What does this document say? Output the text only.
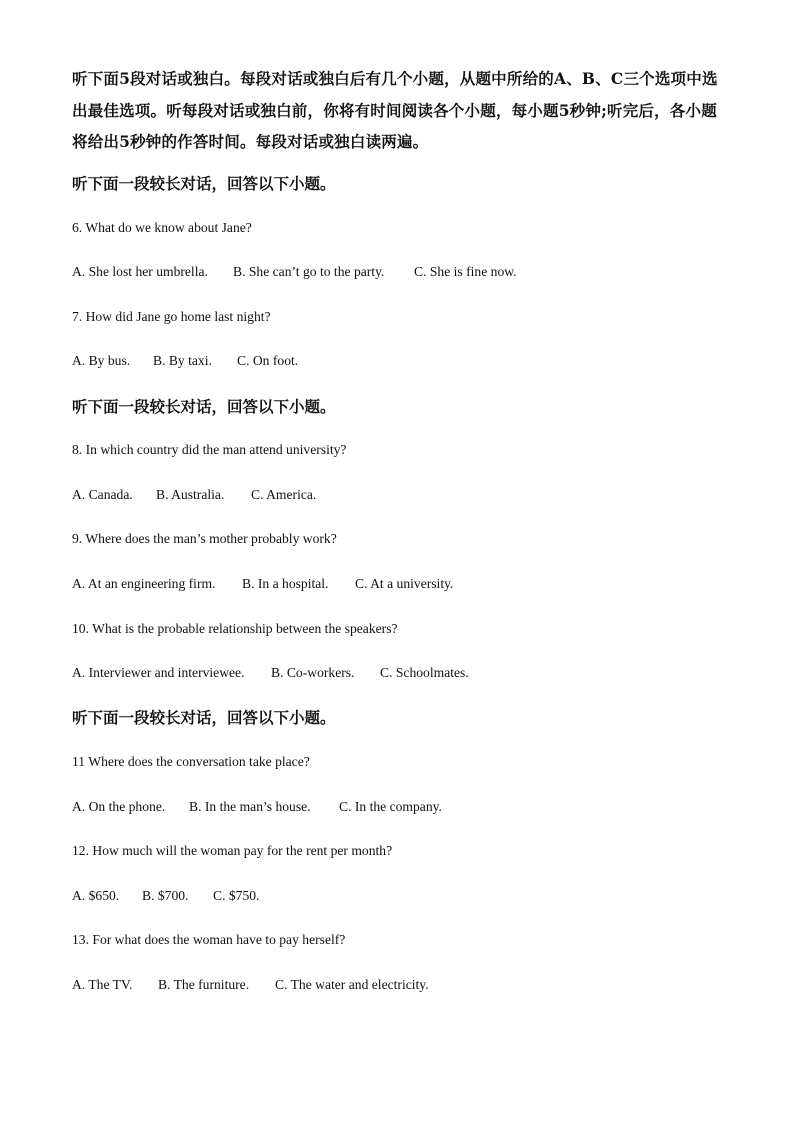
听下面5段对话或独白。每段对话或独白后有几个小题，从题中所给的A、B、C三个选项中选出最佳选项。听每段对话或独白前，你将有时间阅读各个小题，每小题5秒钟;听完后，各小题将给出5秒钟的作答时间。每段对话或独白读两遍。

听下面一段较长对话，回答以下小题。

6. What do we know about Jane?

A. She lost her umbrella. B. She can’t go to the party. C. She is fine now.

7. How did Jane go home last night?

A. By bus. B. By taxi. C. On foot.

听下面一段较长对话，回答以下小题。

8. In which country did the man attend university?

A. Canada. B. Australia. C. America.

9. Where does the man’s mother probably work?

A. At an engineering firm. B. In a hospital. C. At a university.

10. What is the probable relationship between the speakers?

A. Interviewer and interviewee. B. Co-workers. C. Schoolmates.

听下面一段较长对话，回答以下小题。

11 Where does the conversation take place?

A. On the phone. B. In the man’s house. C. In the company.

12. How much will the woman pay for the rent per month?

A. $650. B. $700. C. $750.

13. For what does the woman have to pay herself?

A. The TV. B. The furniture. C. The water and electricity.
